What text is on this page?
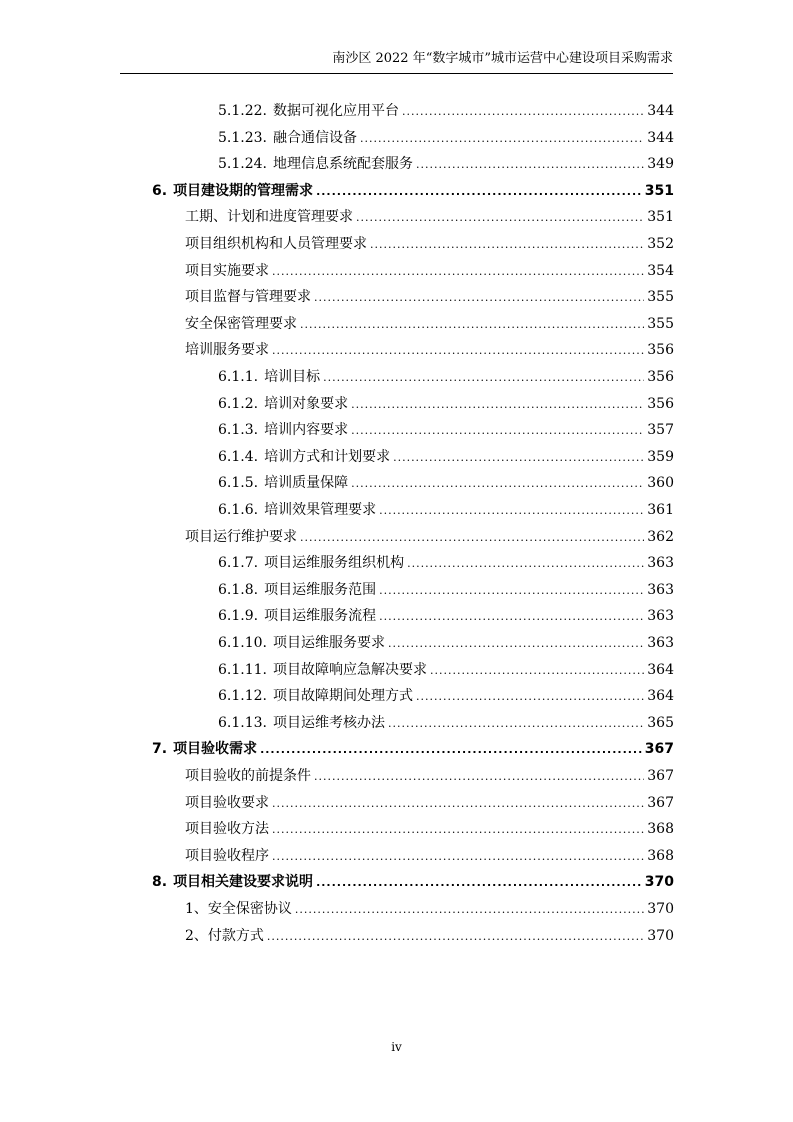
南沙区 2022 年“数字城市”城市运营中心建设项目采购需求
5.1.22. 数据可视化应用平台 .....	344
5.1.23. 融合通信设备 .....	344
5.1.24. 地理信息系统配套服务 .....	349
6. 项目建设期的管理需求 .....	351
工期、计划和进度管理要求 .....	351
项目组织机构和人员管理要求 .....	352
项目实施要求 .....	354
项目监督与管理要求 .....	355
安全保密管理要求 .....	355
培训服务要求 .....	356
6.1.1. 培训目标 .....	356
6.1.2. 培训对象要求 .....	356
6.1.3. 培训内容要求 .....	357
6.1.4. 培训方式和计划要求 .....	359
6.1.5. 培训质量保障 .....	360
6.1.6. 培训效果管理要求 .....	361
项目运行维护要求 .....	362
6.1.7. 项目运维服务组织机构 .....	363
6.1.8. 项目运维服务范围 .....	363
6.1.9. 项目运维服务流程 .....	363
6.1.10. 项目运维服务要求 .....	363
6.1.11. 项目故障响应急解决要求 .....	364
6.1.12. 项目故障期间处理方式 .....	364
6.1.13. 项目运维考核办法 .....	365
7. 项目验收需求 .....	367
项目验收的前提条件 .....	367
项目验收要求 .....	367
项目验收方法 .....	368
项目验收程序 .....	368
8. 项目相关建设要求说明 .....	370
1、安全保密协议 .....	370
2、付款方式 .....	370
iv
